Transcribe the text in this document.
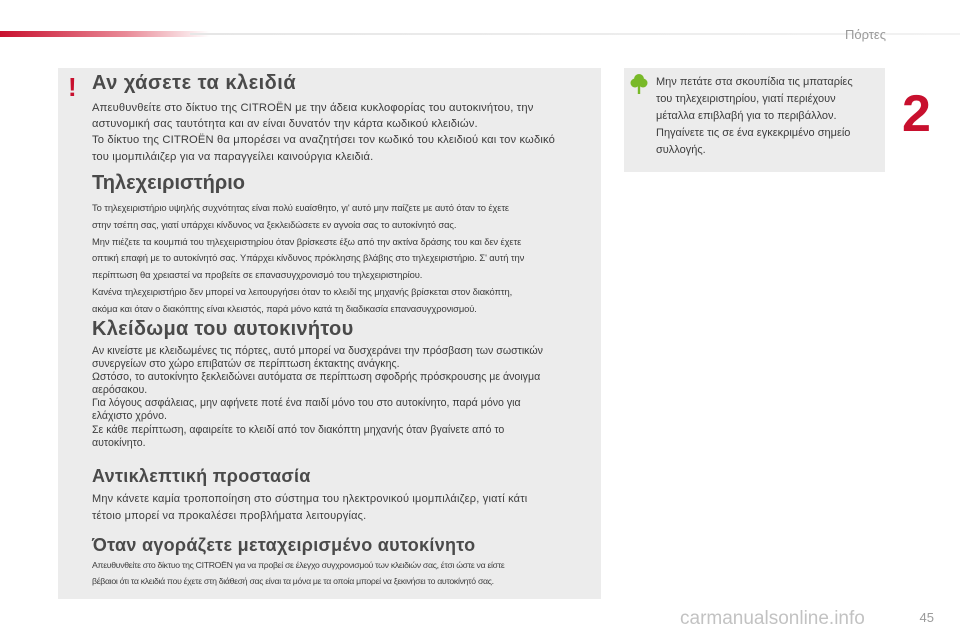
Πόρτες
2
! Αν χάσετε τα κλειδιά
Απευθυνθείτε στο δίκτυο της CITROËN με την άδεια κυκλοφορίας του αυτοκινήτου, την
αστυνομική σας ταυτότητα και αν είναι δυνατόν την κάρτα κωδικού κλειδιών.
Το δίκτυο της CITROËN θα μπορέσει να αναζητήσει τον κωδικό του κλειδιού και τον κωδικό
του ιμομπιλάιζερ για να παραγγείλει καινούργια κλειδιά.
Τηλεχειριστήριο
Το τηλεχειριστήριο υψηλής συχνότητας είναι πολύ ευαίσθητο, γι' αυτό μην παίζετε με αυτό όταν το έχετε
στην τσέπη σας, γιατί υπάρχει κίνδυνος να ξεκλειδώσετε εν αγνοία σας το αυτοκίνητό σας.
Μην πιέζετε τα κουμπιά του τηλεχειριστηρίου όταν βρίσκεστε έξω από την ακτίνα δράσης του και δεν έχετε
οπτική επαφή με το αυτοκίνητό σας. Υπάρχει κίνδυνος πρόκλησης βλάβης στο τηλεχειριστήριο. Σ' αυτή την
περίπτωση θα χρειαστεί να προβείτε σε επανασυγχρονισμό του τηλεχειριστηρίου.
Κανένα τηλεχειριστήριο δεν μπορεί να λειτουργήσει όταν το κλειδί της μηχανής βρίσκεται στον διακόπτη,
ακόμα και όταν ο διακόπτης είναι κλειστός, παρά μόνο κατά τη διαδικασία επανασυγχρονισμού.
Κλείδωμα του αυτοκινήτου
Αν κινείστε με κλειδωμένες τις πόρτες, αυτό μπορεί να δυσχεράνει την πρόσβαση των σωστικών
συνεργείων στο χώρο επιβατών σε περίπτωση έκτακτης ανάγκης.
Ωστόσο, το αυτοκίνητο ξεκλειδώνει αυτόματα σε περίπτωση σφοδρής πρόσκρουσης με άνοιγμα
αερόσακου.
Για λόγους ασφάλειας, μην αφήνετε ποτέ ένα παιδί μόνο του στο αυτοκίνητο, παρά μόνο για
ελάχιστο χρόνο.
Σε κάθε περίπτωση, αφαιρείτε το κλειδί από τον διακόπτη μηχανής όταν βγαίνετε από το
αυτοκίνητο.
Αντικλεπτική προστασία
Μην κάνετε καμία τροποποίηση στο σύστημα του ηλεκτρονικού ιμομπιλάιζερ, γιατί κάτι
τέτοιο μπορεί να προκαλέσει προβλήματα λειτουργίας.
Όταν αγοράζετε μεταχειρισμένο αυτοκίνητο
Απευθυνθείτε στο δίκτυο της CITROËN για να προβεί σε έλεγχο συγχρονισμού των κλειδιών σας, έτσι ώστε να είστε
βέβαιοι ότι τα κλειδιά που έχετε στη διάθεσή σας είναι τα μόνα με τα οποία μπορεί να ξεκινήσει το αυτοκίνητό σας.
Μην πετάτε στα σκουπίδια τις μπαταρίες
του τηλεχειριστηρίου, γιατί περιέχουν
μέταλλα επιβλαβή για το περιβάλλον.
Πηγαίνετε τις σε ένα εγκεκριμένο σημείο
συλλογής.
45
carmanualsonline.info
